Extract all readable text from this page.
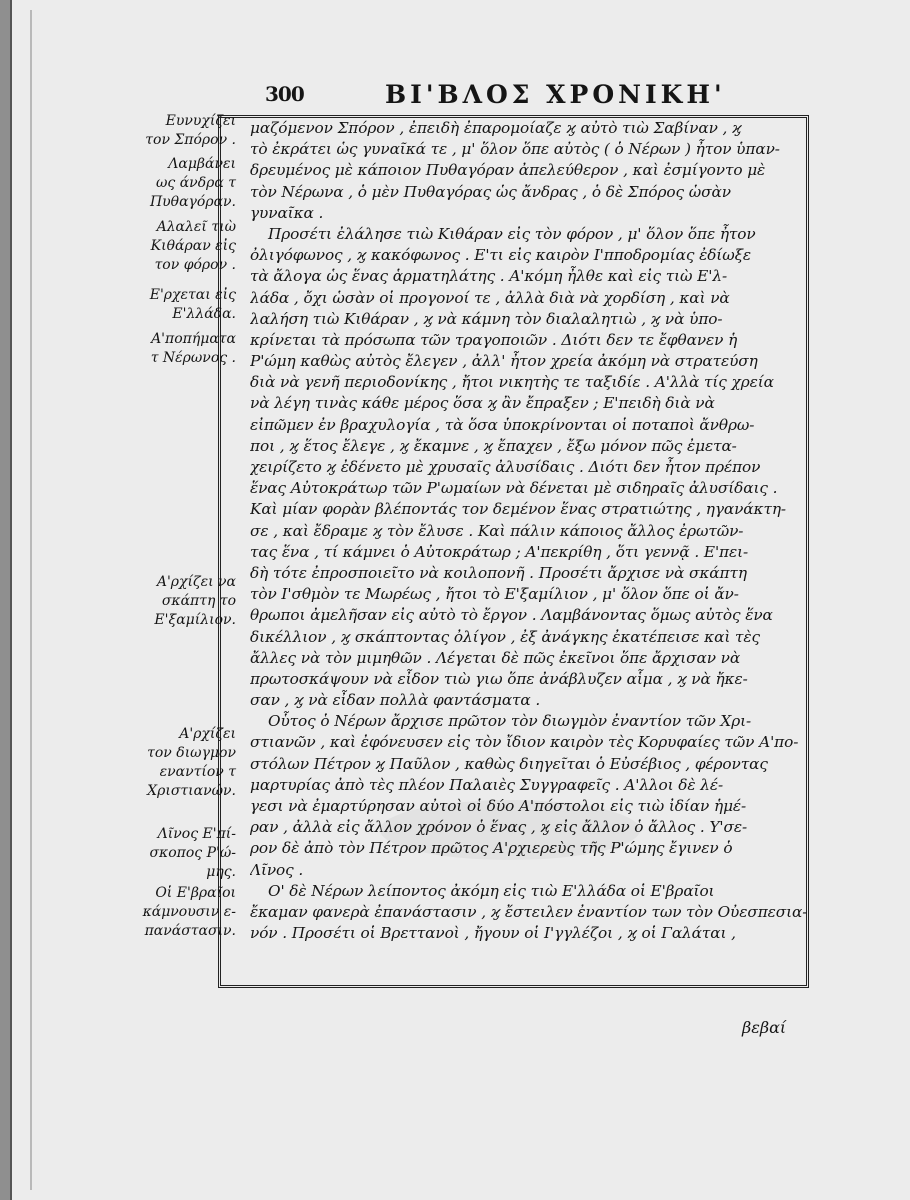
300	ΒΙ'ΒΛΟΣ ΧΡΟΝΙΚΗ'
μαζόμενον Σπόρον , ἐπειδὴ ἐπαρομοίαζε ϗ αὐτὸ τιὼ Σαβίναν , ϗ
τὸ ἐκράτει ὡς γυναῖκά τε , μ' ὅλον ὅπε αὐτὸς ( ὁ Νέρων ) ἦτον ὑπαν-
δρευμένος μὲ κάποιον Πυθαγόραν ἀπελεύθερον , καὶ ἐσμίγοντο μὲ
τὸν Νέρωνα , ὁ μὲν Πυθαγόρας ὡς ἄνδρας , ὁ δὲ Σπόρος ὡσὰν
γυναῖκα .
Προσέτι ἐλάλησε τιὼ Κιθάραν εἰς τὸν φόρον , μ' ὅλον ὅπε ἦτον
ὀλιγόφωνος , ϗ κακόφωνος . Ε'τι εἰς καιρὸν Ι'πποδρομίας ἐδίωξε
τὰ ἄλογα ὡς ἕνας ἁρματηλάτης . Α'κόμη ἦλθε καὶ εἰς τιὼ Ε'λ-
λάδα , ὄχι ὡσὰν οἱ προγονοί τε , ἀλλὰ διὰ νὰ χορδίση , καὶ νὰ
λαλήση τιὼ Κιθάραν , ϗ νὰ κάμνη τὸν διαλαλητιὼ , ϗ νὰ ὑπο-
κρίνεται τὰ πρόσωπα τῶν τραγοποιῶν . Διότι δεν τε ἔφθανεν ἡ
Ρ'ώμη καθὼς αὐτὸς ἔλεγεν , ἀλλ' ἦτον χρεία ἀκόμη νὰ στρατεύση
διὰ νὰ γενῆ περιοδονίκης , ἤτοι νικητὴς τε ταξιδίε . Α'λλὰ τίς χρεία
νὰ λέγη τινὰς κάθε μέρος ὅσα ϗ ἂν ἔπραξεν ; Ε'πειδὴ διὰ νὰ
εἰπῶμεν ἐν βραχυλογία , τὰ ὅσα ὑποκρίνονται οἱ ποταποὶ ἄνθρω-
ποι , ϗ ἕτος ἔλεγε , ϗ ἔκαμνε , ϗ ἔπαχεν , ἔξω μόνον πῶς ἐμετα-
χειρίζετο ϗ ἐδένετο μὲ χρυσαῖς ἀλυσίδαις . Διότι δεν ἦτον πρέπον
ἕνας Αὐτοκράτωρ τῶν Ρ'ωμαίων νὰ δένεται μὲ σιδηραῖς ἀλυσίδαις .
Καὶ μίαν φορὰν βλέποντάς τον δεμένον ἕνας στρατιώτης , ηγανάκτη-
σε , καὶ ἔδραμε ϗ τὸν ἔλυσε . Καὶ πάλιν κάποιος ἄλλος ἐρωτῶν-
τας ἕνα , τί κάμνει ὁ Αὐτοκράτωρ ; Α'πεκρίθη , ὅτι γεννᾷ . Ε'πει-
δὴ τότε ἐπροσποιεῖτο νὰ κοιλοπονῆ . Προσέτι ἄρχισε νὰ σκάπτη
τὸν Ι'σθμὸν τε Μωρέως , ἤτοι τὸ Ε'ξαμίλιον , μ' ὅλον ὅπε οἱ ἄν-
θρωποι ἀμελῆσαν εἰς αὐτὸ τὸ ἔργον . Λαμβάνοντας ὅμως αὐτὸς ἕνα
δικέλλιον , ϗ σκάπτοντας ὀλίγον , ἐξ ἀνάγκης ἐκατέπεισε καὶ τὲς
ἄλλες νὰ τὸν μιμηθῶν . Λέγεται δὲ πῶς ἐκεῖνοι ὅπε ἄρχισαν νὰ
πρωτοσκάψουν νὰ εἶδον τιὼ γιω ὅπε ἀνάβλυζεν αἷμα , ϗ νὰ ἤκε-
σαν , ϗ νὰ εἶδαν πολλὰ φαντάσματα .
Οὗτος ὁ Νέρων ἄρχισε πρῶτον τὸν διωγμὸν ἐναντίον τῶν Χρι-
στιανῶν , καὶ ἐφόνευσεν εἰς τὸν ἴδιον καιρὸν τὲς Κορυφαίες τῶν Α'πο-
στόλων Πέτρον ϗ Παῦλον , καθὼς διηγεῖται ὁ Εὐσέβιος , φέροντας
μαρτυρίας ἀπὸ τὲς πλέον Παλαιὲς Συγγραφεῖς . Α'λλοι δὲ λέ-
γεσι νὰ ἐμαρτύρησαν αὐτοὶ οἱ δύο Α'πόστολοι εἰς τιὼ ἰδίαν ἡμέ-
ραν , ἀλλὰ εἰς ἄλλον χρόνον ὁ ἕνας , ϗ εἰς ἄλλον ὁ ἄλλος . Υ'σε-
ρον δὲ ἀπὸ τὸν Πέτρον πρῶτος Α'ρχιερεὺς τῆς Ρ'ώμης ἔγινεν ὁ
Λῖνος .
Ο' δὲ Νέρων λείποντος ἀκόμη εἰς τιὼ Ε'λλάδα οἱ Ε'βραῖοι
ἔκαμαν φανερὰ ἐπανάστασιν , ϗ ἔστειλεν ἐναντίον των τὸν Οὐεσπεσια-
νόν . Προσέτι οἱ Βρεττανοὶ , ἤγουν οἱ Ι'γγλέζοι , ϗ οἱ Γαλάται ,
Ευνυχίζει
τον Σπόρον .
Λαμβάνει
ως άνδρα τ
Πυθαγόραν.
Αλαλεῖ τιὼ
Κιθάραν εἰς
τον φόρον .
Ε'ρχεται εἰς
Ε'λλάδα.
Α'ποπήματα
τ Νέρωνος .
Α'ρχίζει να
σκάπτη το
Ε'ξαμίλιον.
Α'ρχίζει
τον διωγμον
εναντίον τ
Χριστιανών.
Λῖνος Ε'πί-
σκοπος Ρ'ώ-
μης.
Οἱ Ε'βραῖοι
κάμνουσιν ε-
πανάστασιν.
βεβαί
